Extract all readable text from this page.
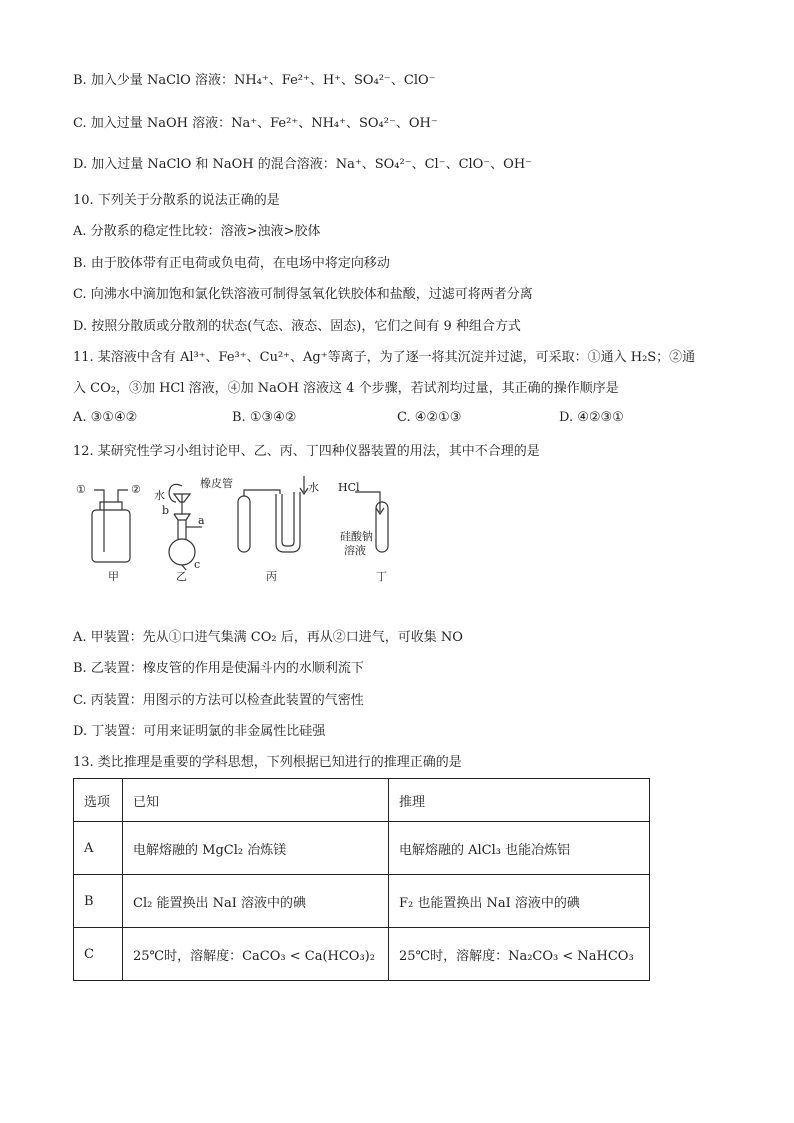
B. 加入少量 NaClO 溶液：NH₄⁺、Fe²⁺、H⁺、SO₄²⁻、ClO⁻
C. 加入过量 NaOH 溶液：Na⁺、Fe²⁺、NH₄⁺、SO₄²⁻、OH⁻
D. 加入过量 NaClO 和 NaOH 的混合溶液：Na⁺、SO₄²⁻、Cl⁻、ClO⁻、OH⁻
10. 下列关于分散系的说法正确的是
A. 分散系的稳定性比较：溶液>浊液>胶体
B. 由于胶体带有正电荷或负电荷，在电场中将定向移动
C. 向沸水中滴加饱和氯化铁溶液可制得氢氧化铁胶体和盐酸，过滤可将两者分离
D. 按照分散质或分散剂的状态(气态、液态、固态)，它们之间有 9 种组合方式
11. 某溶液中含有 Al³⁺、Fe³⁺、Cu²⁺、Ag⁺等离子，为了逐一将其沉淀并过滤，可采取：①通入 H₂S；②通
入 CO₂，③加 HCl 溶液，④加 NaOH 溶液这 4 个步骤，若试剂均过量，其正确的操作顺序是
A. ③①④②	B. ①③④②	C. ④②①③	D. ④②③①
12. 某研究性学习小组讨论甲、乙、丙、丁四种仪器装置的用法，其中不合理的是
①	② 水
橡皮管
b
a
c
水 HCl
硅酸钠
溶液
甲	乙	丙	丁
A. 甲装置：先从①口进气集满 CO₂ 后，再从②口进气，可收集 NO
B. 乙装置：橡皮管的作用是使漏斗内的水顺利流下
C. 丙装置：用图示的方法可以检查此装置的气密性
D. 丁装置：可用来证明氯的非金属性比硅强
13. 类比推理是重要的学科思想，下列根据已知进行的推理正确的是
选项	已知	推理
A	电解熔融的 MgCl₂ 冶炼镁	电解熔融的 AlCl₃ 也能冶炼铝
B	Cl₂ 能置换出 NaI 溶液中的碘	F₂ 也能置换出 NaI 溶液中的碘
C	25℃时，溶解度：CaCO₃ < Ca(HCO₃)₂	25℃时，溶解度：Na₂CO₃ < NaHCO₃
